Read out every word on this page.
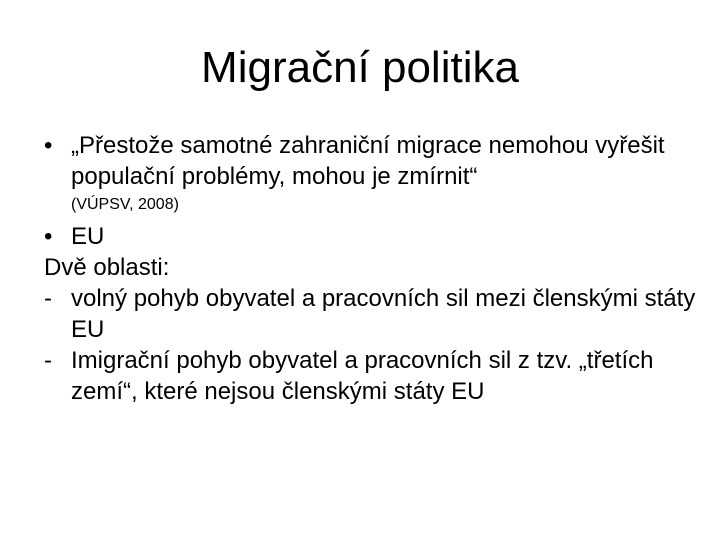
Migrační politika
• „Přestože samotné zahraniční migrace nemohou vyřešit populační problémy, mohou je zmírnit“
(VÚPSV, 2008)
• EU
Dvě oblasti:
- volný pohyb obyvatel a pracovních sil mezi členskými státy EU
- Imigrační pohyb obyvatel a pracovních sil z tzv. „třetích zemí“, které nejsou členskými státy EU
